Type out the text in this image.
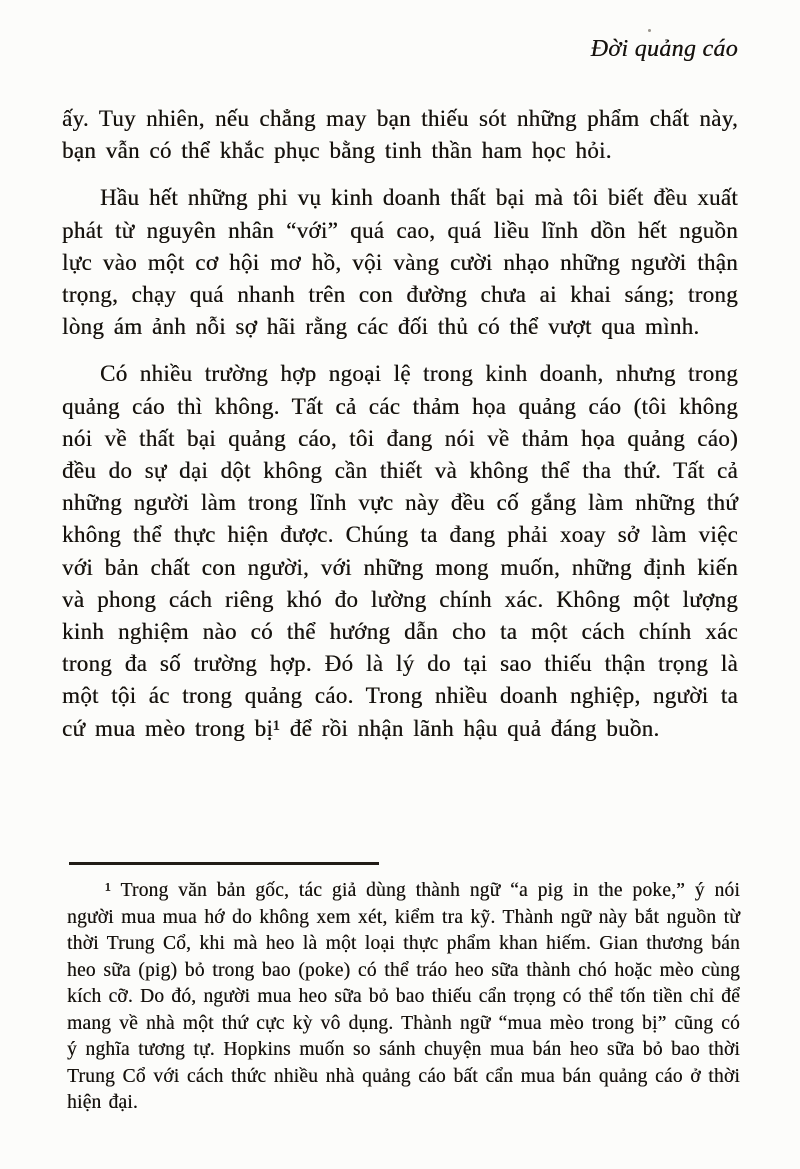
Đời quảng cáo

ấy. Tuy nhiên, nếu chẳng may bạn thiếu sót những phẩm chất này, bạn vẫn có thể khắc phục bằng tinh thần ham học hỏi.

Hầu hết những phi vụ kinh doanh thất bại mà tôi biết đều xuất phát từ nguyên nhân “với” quá cao, quá liều lĩnh dồn hết nguồn lực vào một cơ hội mơ hồ, vội vàng cười nhạo những người thận trọng, chạy quá nhanh trên con đường chưa ai khai sáng; trong lòng ám ảnh nỗi sợ hãi rằng các đối thủ có thể vượt qua mình.

Có nhiều trường hợp ngoại lệ trong kinh doanh, nhưng trong quảng cáo thì không. Tất cả các thảm họa quảng cáo (tôi không nói về thất bại quảng cáo, tôi đang nói về thảm họa quảng cáo) đều do sự dại dột không cần thiết và không thể tha thứ. Tất cả những người làm trong lĩnh vực này đều cố gắng làm những thứ không thể thực hiện được. Chúng ta đang phải xoay sở làm việc với bản chất con người, với những mong muốn, những định kiến và phong cách riêng khó đo lường chính xác. Không một lượng kinh nghiệm nào có thể hướng dẫn cho ta một cách chính xác trong đa số trường hợp. Đó là lý do tại sao thiếu thận trọng là một tội ác trong quảng cáo. Trong nhiều doanh nghiệp, người ta cứ mua mèo trong bị¹ để rồi nhận lãnh hậu quả đáng buồn.

¹ Trong văn bản gốc, tác giả dùng thành ngữ “a pig in the poke,” ý nói người mua mua hớ do không xem xét, kiểm tra kỹ. Thành ngữ này bắt nguồn từ thời Trung Cổ, khi mà heo là một loại thực phẩm khan hiếm. Gian thương bán heo sữa (pig) bỏ trong bao (poke) có thể tráo heo sữa thành chó hoặc mèo cùng kích cỡ. Do đó, người mua heo sữa bỏ bao thiếu cẩn trọng có thể tốn tiền chỉ để mang về nhà một thứ cực kỳ vô dụng. Thành ngữ “mua mèo trong bị” cũng có ý nghĩa tương tự. Hopkins muốn so sánh chuyện mua bán heo sữa bỏ bao thời Trung Cổ với cách thức nhiều nhà quảng cáo bất cẩn mua bán quảng cáo ở thời hiện đại.
